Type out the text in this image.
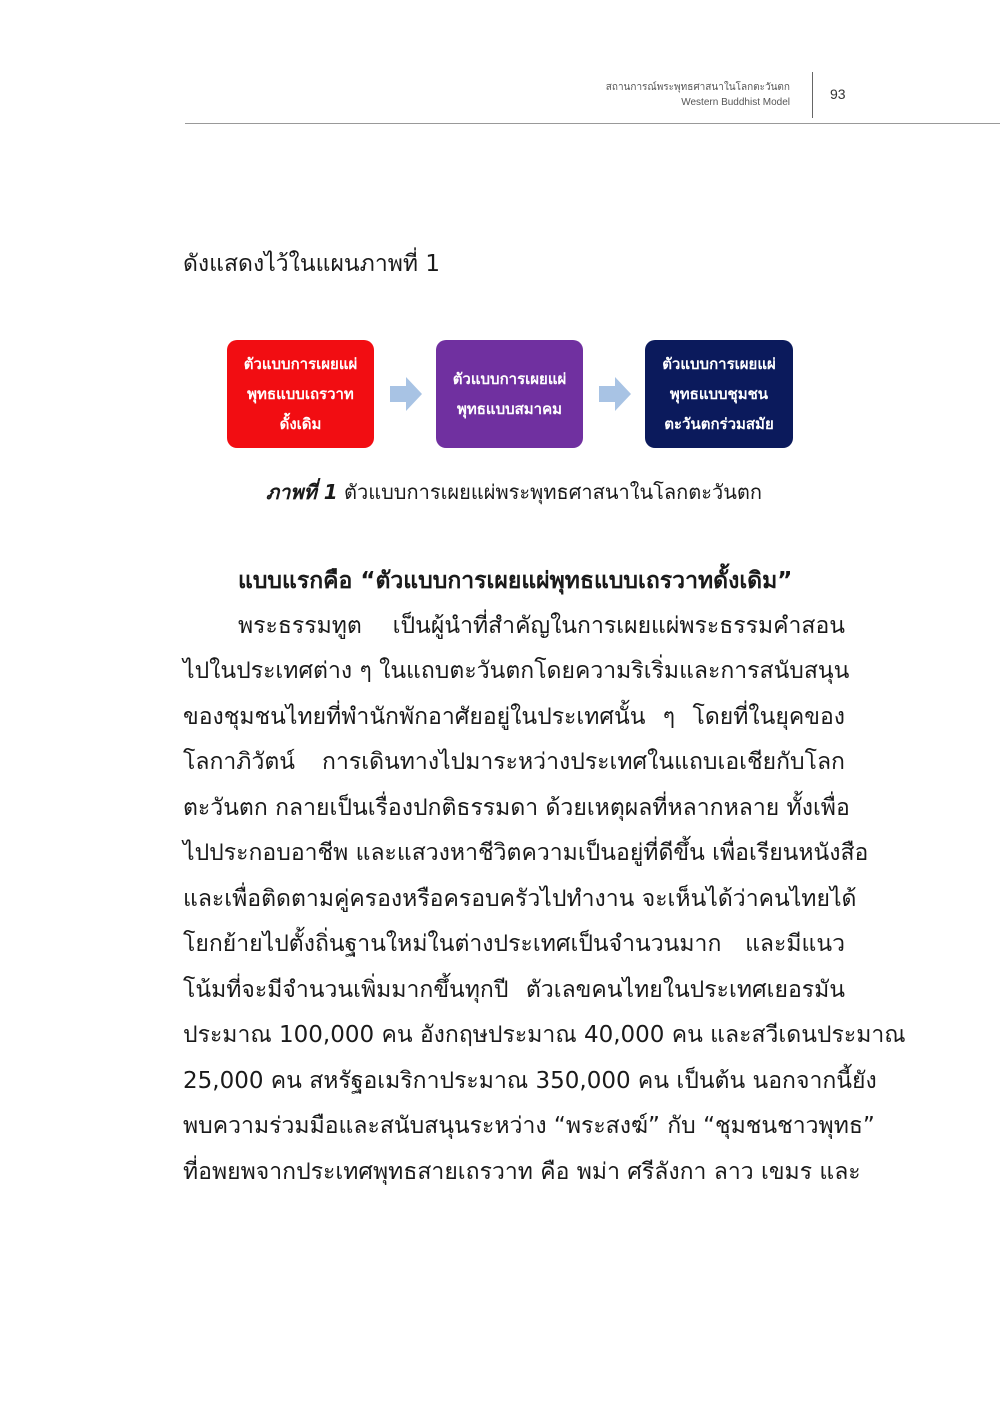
สถานการณ์พระพุทธศาสนาในโลกตะวันตก
Western Buddhist Model
93
ดังแสดงไว้ในแผนภาพที่ 1
ตัวแบบการเผยแผ่
พุทธแบบเถรวาท
ดั้งเดิม
ตัวแบบการเผยแผ่
พุทธแบบสมาคม
ตัวแบบการเผยแผ่
พุทธแบบชุมชน
ตะวันตกร่วมสมัย
ภาพที่ 1 ตัวแบบการเผยแผ่พระพุทธศาสนาในโลกตะวันตก
แบบแรกคือ “ตัวแบบการเผยแผ่พุทธแบบเถรวาทดั้งเดิม”
พระธรรมทูต เป็นผู้นำที่สำคัญในการเผยแผ่พระธรรมคำสอน
ไปในประเทศต่าง ๆ ในแถบตะวันตกโดยความริเริ่มและการสนับสนุน
ของชุมชนไทยที่พำนักพักอาศัยอยู่ในประเทศนั้น ๆ โดยที่ในยุคของ
โลกาภิวัตน์ การเดินทางไปมาระหว่างประเทศในแถบเอเชียกับโลก
ตะวันตก กลายเป็นเรื่องปกติธรรมดา ด้วยเหตุผลที่หลากหลาย ทั้งเพื่อ
ไปประกอบอาชีพ และแสวงหาชีวิตความเป็นอยู่ที่ดีขึ้น เพื่อเรียนหนังสือ
และเพื่อติดตามคู่ครองหรือครอบครัวไปทำงาน จะเห็นได้ว่าคนไทยได้
โยกย้ายไปตั้งถิ่นฐานใหม่ในต่างประเทศเป็นจำนวนมาก และมีแนว
โน้มที่จะมีจำนวนเพิ่มมากขึ้นทุกปี ตัวเลขคนไทยในประเทศเยอรมัน
ประมาณ 100,000 คน อังกฤษประมาณ 40,000 คน และสวีเดนประมาณ
25,000 คน สหรัฐอเมริกาประมาณ 350,000 คน เป็นต้น นอกจากนี้ยัง
พบความร่วมมือและสนับสนุนระหว่าง “พระสงฆ์” กับ “ชุมชนชาวพุทธ”
ที่อพยพจากประเทศพุทธสายเถรวาท คือ พม่า ศรีลังกา ลาว เขมร และ
